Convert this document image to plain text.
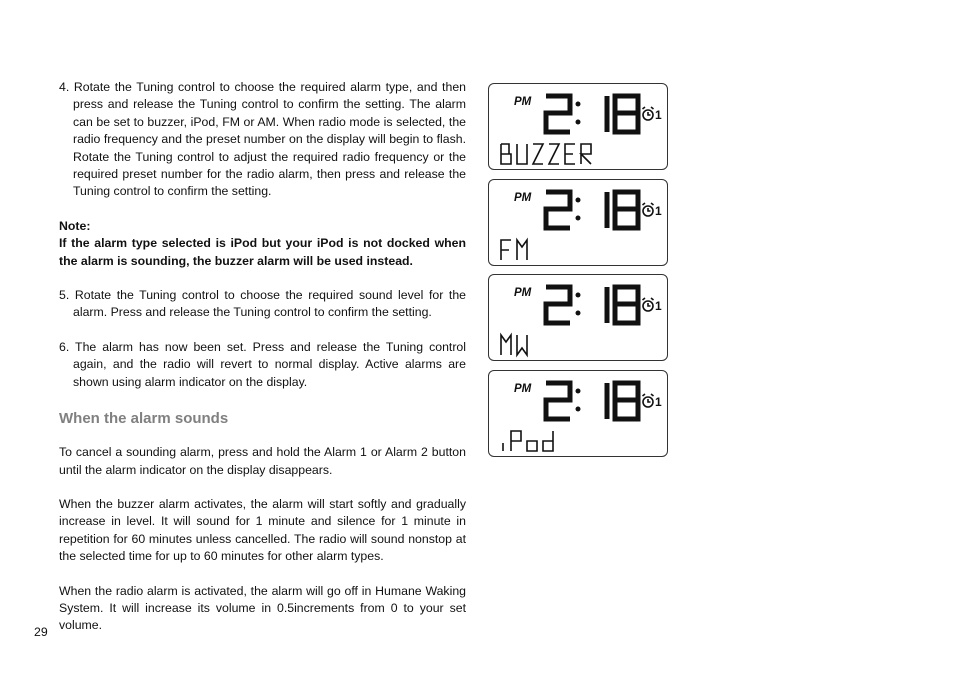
4. Rotate the Tuning control to choose the required alarm type, and then press and release the Tuning control to confirm the setting. The alarm can be set to buzzer, iPod, FM or AM. When radio mode is selected, the radio frequency and the preset number on the display will begin to flash. Rotate the Tuning control to adjust the required radio frequency or the required preset number for the radio alarm, then press and release the Tuning control to confirm the setting.

Note:

If the alarm type selected is iPod but your iPod is not docked when the alarm is sounding, the buzzer alarm will be used instead.

5. Rotate the Tuning control to choose the required sound level for the alarm. Press and release the Tuning control to confirm the setting.

6. The alarm has now been set. Press and release the Tuning control again, and the radio will revert to normal display. Active alarms are shown using alarm indicator on the display.

When the alarm sounds

To cancel a sounding alarm, press and hold the Alarm 1 or Alarm 2 button until the alarm indicator on the display disappears.

When the buzzer alarm activates, the alarm will start softly and gradually increase in level. It will sound for 1 minute and silence for 1 minute in repetition for 60 minutes unless cancelled. The radio will sound nonstop at the selected time for up to 60 minutes for other alarm types.

When the radio alarm is activated, the alarm will go off in Humane Waking System. It will increase its volume in 0.5increments from 0 to your set volume.

29
PM
1
PM
1
PM
1
PM
1
